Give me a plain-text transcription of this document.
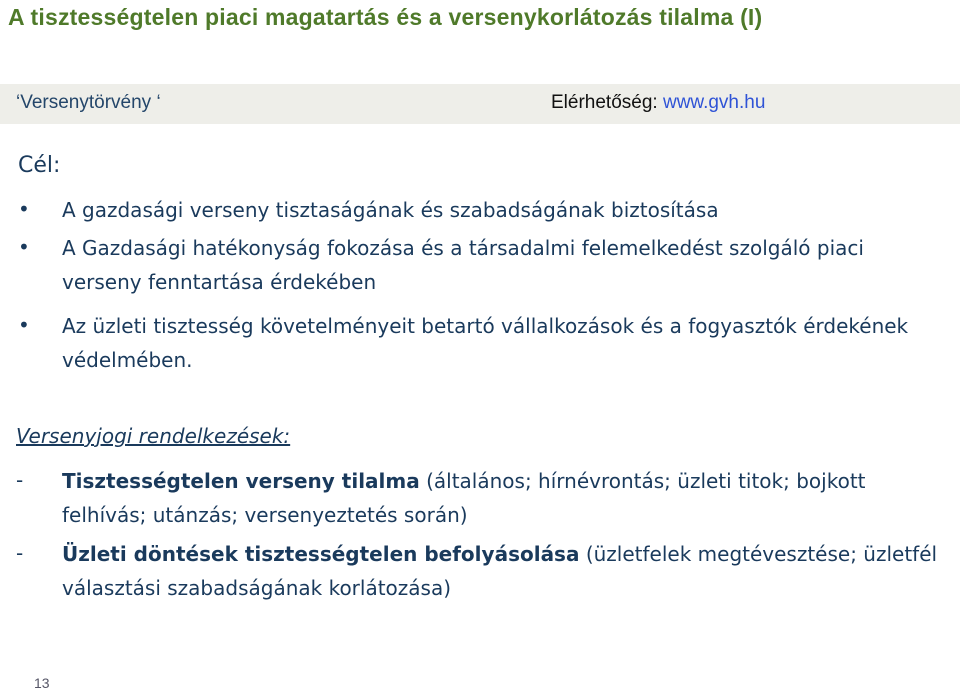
A tisztességtelen piaci magatartás és a versenykorlátozás tilalma (I)
‘Versenytörvény ‘	Elérhetőség: www.gvh.hu
Cél:
• A gazdasági verseny tisztaságának és szabadságának biztosítása
• A Gazdasági hatékonyság fokozása és a társadalmi felemelkedést szolgáló piaci verseny fenntartása érdekében
• Az üzleti tisztesség követelményeit betartó vállalkozások és a fogyasztók érdekének védelmében.
Versenyjogi rendelkezések:
- Tisztességtelen verseny tilalma (általános; hírnévrontás; üzleti titok; bojkott felhívás; utánzás; versenyeztetés során)
- Üzleti döntések tisztességtelen befolyásolása (üzletfelek megtévesztése; üzletfél választási szabadságának korlátozása)
13
